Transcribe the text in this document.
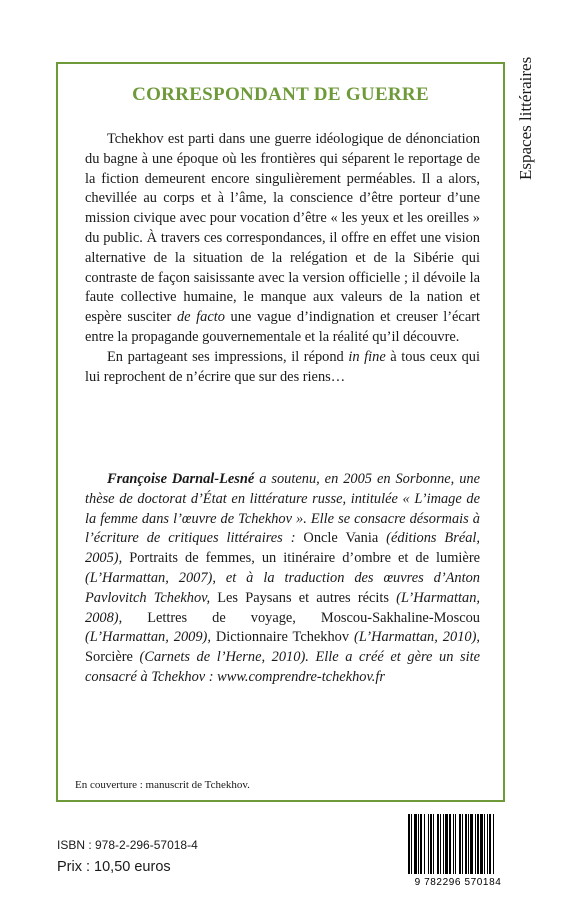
Espaces littéraires
CORRESPONDANT DE GUERRE

Tchekhov est parti dans une guerre idéologique de dénonciation du bagne à une époque où les frontières qui séparent le reportage de la fiction demeurent encore singulièrement perméables. Il a alors, chevillée au corps et à l’âme, la conscience d’être porteur d’une mission civique avec pour vocation d’être « les yeux et les oreilles » du public. À travers ces correspondances, il offre en effet une vision alternative de la situation de la relégation et de la Sibérie qui contraste de façon saisissante avec la version officielle ; il dévoile la faute collective humaine, le manque aux valeurs de la nation et espère susciter de facto une vague d’indignation et creuser l’écart entre la propagande gouvernementale et la réalité qu’il découvre.

En partageant ses impressions, il répond in fine à tous ceux qui lui reprochent de n’écrire que sur des riens…

Françoise Darnal-Lesné a soutenu, en 2005 en Sorbonne, une thèse de doctorat d’État en littérature russe, intitulée « L’image de la femme dans l’œuvre de Tchekhov ». Elle se consacre désormais à l’écriture de critiques littéraires : Oncle Vania (éditions Bréal, 2005), Portraits de femmes, un itinéraire d’ombre et de lumière (L’Harmattan, 2007), et à la traduction des œuvres d’Anton Pavlovitch Tchekhov, Les Paysans et autres récits (L’Harmattan, 2008), Lettres de voyage, Moscou-Sakhaline-Moscou (L’Harmattan, 2009), Dictionnaire Tchekhov (L’Harmattan, 2010), Sorcière (Carnets de l’Herne, 2010). Elle a créé et gère un site consacré à Tchekhov : www.comprendre-tchekhov.fr
En couverture : manuscrit de Tchekhov.
ISBN : 978-2-296-57018-4
Prix : 10,50 euros
9 782296 570184
